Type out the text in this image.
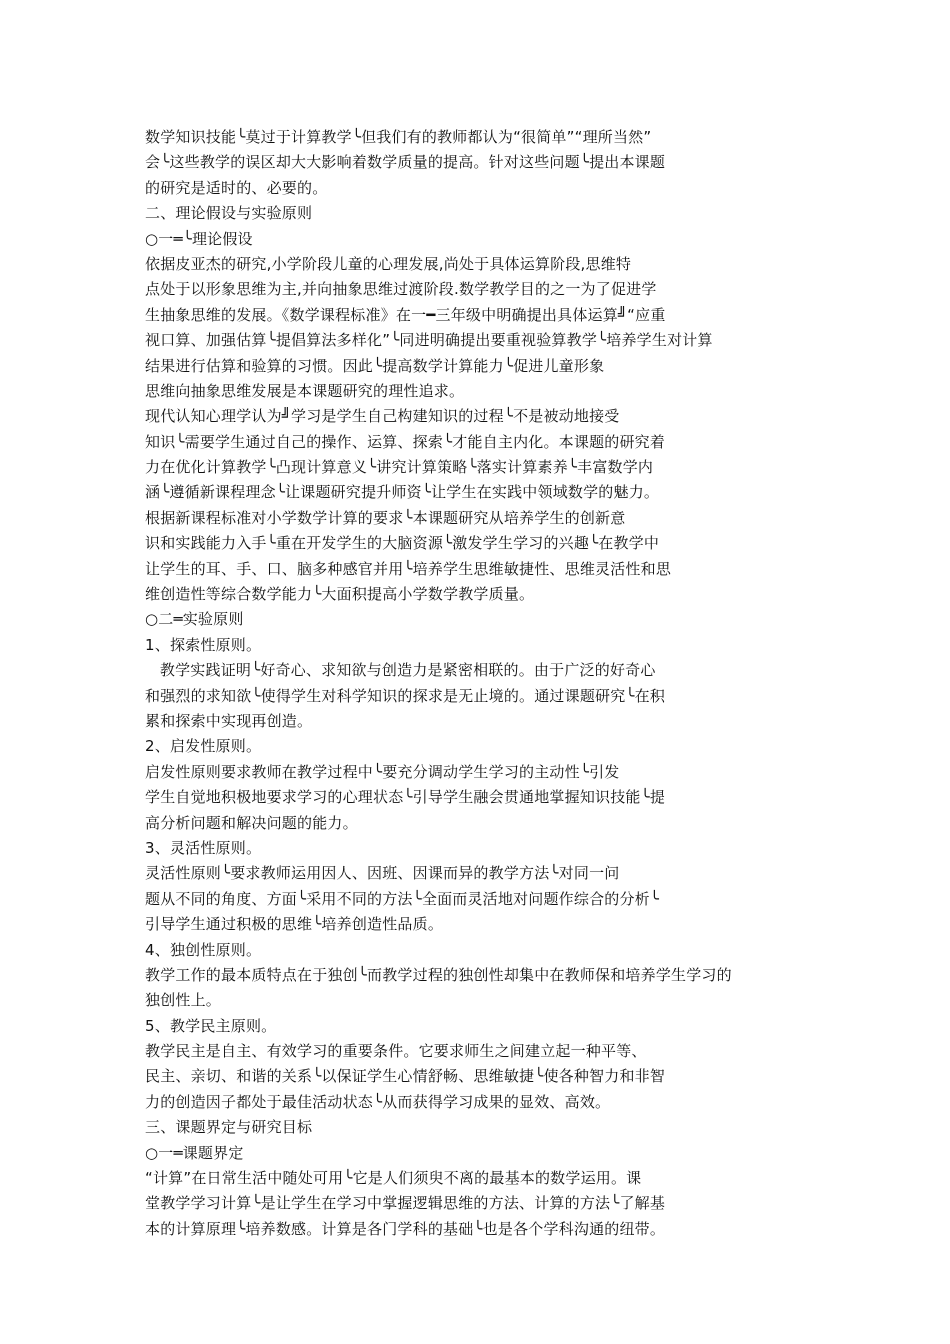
数学知识技能╰莫过于计算教学╰但我们有的教师都认为“很简单”“理所当然”
会╰这些教学的误区却大大影响着数学质量的提高。针对这些问题╰提出本课题
的研究是适时的、必要的。
二、理论假设与实验原则
○一═╰理论假设
依据皮亚杰的研究,小学阶段儿童的心理发展,尚处于具体运算阶段,思维特
点处于以形象思维为主,并向抽象思维过渡阶段.数学教学目的之一为了促进学
生抽象思维的发展。《数学课程标准》在一━三年级中明确提出具体运算╝“应重
视口算、加强估算╰提倡算法多样化”╰同进明确提出要重视验算教学╰培养学生对计算
结果进行估算和验算的习惯。因此╰提高数学计算能力╰促进儿童形象
思维向抽象思维发展是本课题研究的理性追求。
现代认知心理学认为╝学习是学生自己构建知识的过程╰不是被动地接受
知识╰需要学生通过自己的操作、运算、探索╰才能自主内化。本课题的研究着
力在优化计算教学╰凸现计算意义╰讲究计算策略╰落实计算素养╰丰富数学内
涵╰遵循新课程理念╰让课题研究提升师资╰让学生在实践中领域数学的魅力。
根据新课程标准对小学数学计算的要求╰本课题研究从培养学生的创新意
识和实践能力入手╰重在开发学生的大脑资源╰激发学生学习的兴趣╰在教学中
让学生的耳、手、口、脑多种感官并用╰培养学生思维敏捷性、思维灵活性和思
维创造性等综合数学能力╰大面积提高小学数学教学质量。
○二═实验原则
1、探索性原则。
教学实践证明╰好奇心、求知欲与创造力是紧密相联的。由于广泛的好奇心
和强烈的求知欲╰使得学生对科学知识的探求是无止境的。通过课题研究╰在积
累和探索中实现再创造。
2、启发性原则。
启发性原则要求教师在教学过程中╰要充分调动学生学习的主动性╰引发
学生自觉地积极地要求学习的心理状态╰引导学生融会贯通地掌握知识技能╰提
高分析问题和解决问题的能力。
3、灵活性原则。
灵活性原则╰要求教师运用因人、因班、因课而异的教学方法╰对同一问
题从不同的角度、方面╰采用不同的方法╰全面而灵活地对问题作综合的分析╰
引导学生通过积极的思维╰培养创造性品质。
4、独创性原则。
教学工作的最本质特点在于独创╰而教学过程的独创性却集中在教师保和培养学生学习的
独创性上。
5、教学民主原则。
教学民主是自主、有效学习的重要条件。它要求师生之间建立起一种平等、
民主、亲切、和谐的关系╰以保证学生心情舒畅、思维敏捷╰使各种智力和非智
力的创造因子都处于最佳活动状态╰从而获得学习成果的显效、高效。
三、课题界定与研究目标
○一═课题界定
“计算”在日常生活中随处可用╰它是人们须臾不离的最基本的数学运用。课
堂教学学习计算╰是让学生在学习中掌握逻辑思维的方法、计算的方法╰了解基
本的计算原理╰培养数感。计算是各门学科的基础╰也是各个学科沟通的纽带。
